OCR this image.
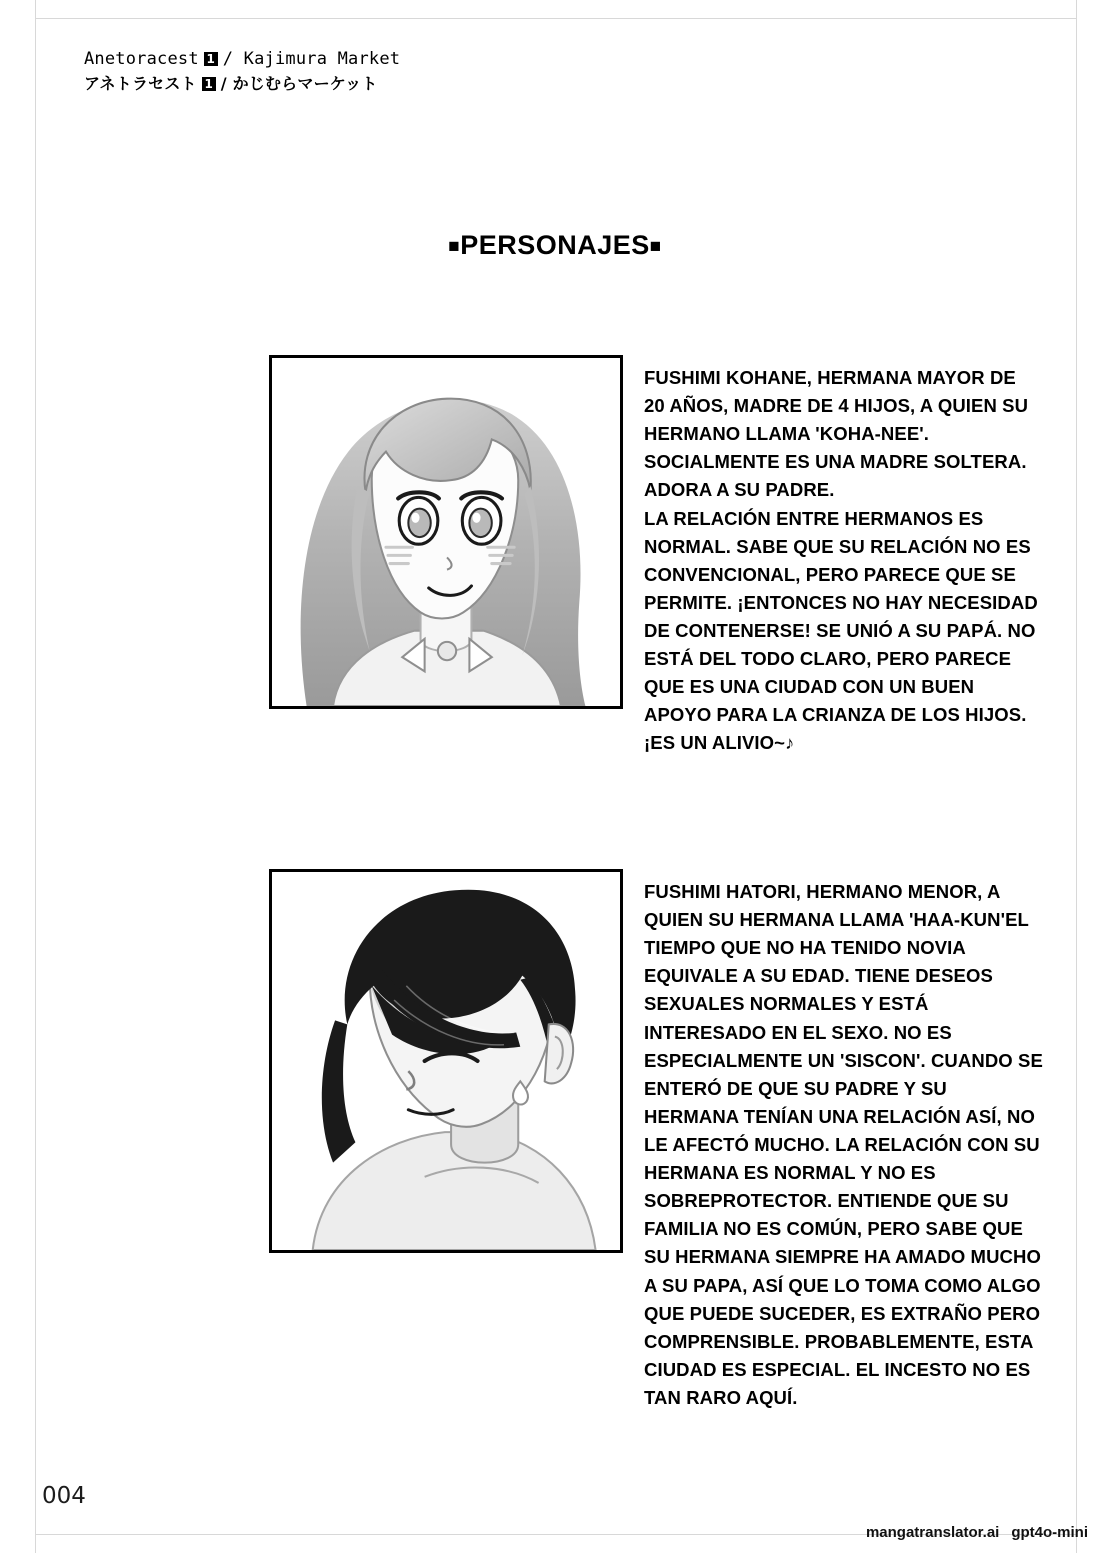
Anetoracest 1 / Kajimura Market
アネトラセスト 1 / かじむらマーケット
■PERSONAJES■
FUSHIMI KOHANE, HERMANA MAYOR DE 20 AÑOS, MADRE DE 4 HIJOS, A QUIEN SU HERMANO LLAMA 'KOHA-NEE'. SOCIALMENTE ES UNA MADRE SOLTERA. ADORA A SU PADRE.
LA RELACIÓN ENTRE HERMANOS ES NORMAL. SABE QUE SU RELACIÓN NO ES CONVENCIONAL, PERO PARECE QUE SE PERMITE. ¡ENTONCES NO HAY NECESIDAD DE CONTENERSE! SE UNIÓ A SU PAPÁ. NO ESTÁ DEL TODO CLARO, PERO PARECE QUE ES UNA CIUDAD CON UN BUEN APOYO PARA LA CRIANZA DE LOS HIJOS. ¡ES UN ALIVIO~♪
FUSHIMI HATORI, HERMANO MENOR, A QUIEN SU HERMANA LLAMA 'HAA-KUN'EL TIEMPO QUE NO HA TENIDO NOVIA EQUIVALE A SU EDAD. TIENE DESEOS SEXUALES NORMALES Y ESTÁ INTERESADO EN EL SEXO. NO ES ESPECIALMENTE UN 'SISCON'. CUANDO SE ENTERÓ DE QUE SU PADRE Y SU HERMANA TENÍAN UNA RELACIÓN ASÍ, NO LE AFECTÓ MUCHO. LA RELACIÓN CON SU HERMANA ES NORMAL Y NO ES SOBREPROTECTOR. ENTIENDE QUE SU FAMILIA NO ES COMÚN, PERO SABE QUE SU HERMANA SIEMPRE HA AMADO MUCHO A SU PAPA, ASÍ QUE LO TOMA COMO ALGO QUE PUEDE SUCEDER, ES EXTRAÑO PERO COMPRENSIBLE. PROBABLEMENTE, ESTA CIUDAD ES ESPECIAL. EL INCESTO NO ES TAN RARO AQUÍ.
004
mangatranslator.ai gpt4o-mini
